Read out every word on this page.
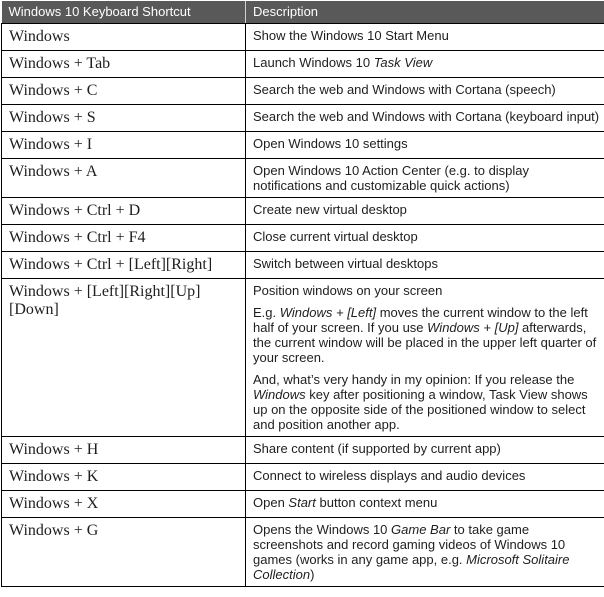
Windows 10 Keyboard Shortcut	Description
Windows	Show the Windows 10 Start Menu
Windows + Tab	Launch Windows 10 Task View
Windows + C	Search the web and Windows with Cortana (speech)
Windows + S	Search the web and Windows with Cortana (keyboard input)
Windows + I	Open Windows 10 settings
Windows + A	Open Windows 10 Action Center (e.g. to display notifications and customizable quick actions)
Windows + Ctrl + D	Create new virtual desktop
Windows + Ctrl + F4	Close current virtual desktop
Windows + Ctrl + [Left][Right]	Switch between virtual desktops
Windows + [Left][Right][Up][Down]	Position windows on your screen

E.g. Windows + [Left] moves the current window to the left half of your screen. If you use Windows + [Up] afterwards, the current window will be placed in the upper left quarter of your screen.

And, what’s very handy in my opinion: If you release the Windows key after positioning a window, Task View shows up on the opposite side of the positioned window to select and position another app.

Windows + H	Share content (if supported by current app)
Windows + K	Connect to wireless displays and audio devices
Windows + X	Open Start button context menu
Windows + G	Opens the Windows 10 Game Bar to take game screenshots and record gaming videos of Windows 10 games (works in any game app, e.g. Microsoft Solitaire Collection)
